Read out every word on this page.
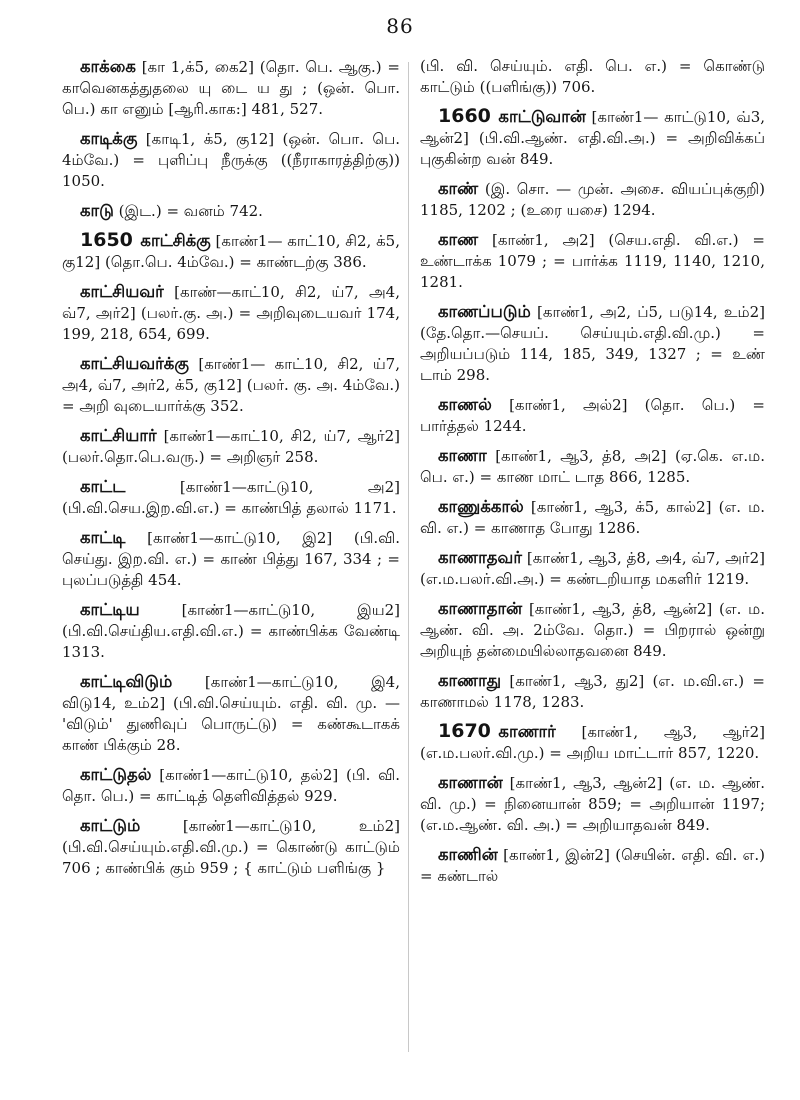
86

காக்கை [கா 1,க்5, கை2] (தொ. பெ. ஆகு.) = காவெனகத்துதலை யு டை ய து ; (ஒன். பொ. பெ.) கா எனும் [ஆரி.காக:] 481, 527.

காடிக்கு [காடி1, க்5, கு12] (ஒன். பொ. பெ. 4ம்வே.) = புளிப்பு நீருக்கு ((நீராகாரத்திற்கு)) 1050.

காடு (இட.) = வனம் 742.

1650  காட்சிக்கு [காண்1— காட்10, சி2, க்5, கு12] (தொ.பெ. 4ம்வே.) = காண்டற்கு 386.

காட்சியவர் [காண்—காட்10, சி2, ய்7, அ4, வ்7, அர்2] (பலர்.கு. அ.) = அறிவுடையவர் 174, 199, 218, 654, 699.

காட்சியவர்க்கு [காண்1— காட்10, சி2, ய்7, அ4, வ்7, அர்2, க்5, கு12] (பலர். கு. அ. 4ம்வே.) = அறி வுடையார்க்கு 352.

காட்சியார் [காண்1—காட்10, சி2, ய்7, ஆர்2] (பலர்.தொ.பெ.வரு.) = அறிஞர் 258.

காட்ட [காண்1—காட்டு10, அ2] (பி.வி.செய.இற.வி.எ.) = காண்பித் தலால் 1171.

காட்டி [காண்1—காட்டு10, இ2] (பி.வி. செய்து. இற.வி. எ.) = காண் பித்து 167, 334 ; = புலப்படுத்தி 454.

காட்டிய [காண்1—காட்டு10, இய2] (பி.வி.செய்திய.எதி.வி.எ.) = காண்பிக்க வேண்டி 1313.

காட்டிவிடும் [காண்1—காட்டு10, இ4, விடு14, உம்2] (பி.வி.செய்யும். எதி. வி. மு. — 'விடும்' துணிவுப் பொருட்டு) = கண்கூடாகக் காண் பிக்கும் 28.

காட்டுதல் [காண்1—காட்டு10, தல்2] (பி. வி. தொ. பெ.) = காட்டித் தெளிவித்தல் 929.

காட்டும் [காண்1—காட்டு10, உம்2] (பி.வி.செய்யும்.எதி.வி.மு.) = கொண்டு காட்டும் 706 ; காண்பிக் கும் 959 ; { காட்டும் பளிங்கு }

(பி. வி. செய்யும். எதி. பெ. எ.) = கொண்டு காட்டும் ((பளிங்கு)) 706.

1660  காட்டுவான் [காண்1— காட்டு10, வ்3, ஆன்2] (பி.வி.ஆண். எதி.வி.அ.) = அறிவிக்கப் புகுகின்ற வன் 849.

காண் (இ. சொ. — முன். அசை. வியப்புக்குறி) 1185, 1202 ; (உரை யசை) 1294.

காண [காண்1, அ2] (செய.எதி. வி.எ.) = உண்டாக்க 1079 ; = பார்க்க 1119, 1140, 1210, 1281.

காணப்படும் [காண்1, அ2, ப்5, படு14, உம்2] (தே.தொ.—செயப். செய்யும்.எதி.வி.மு.) = அறியப்படும் 114, 185, 349, 1327 ; = உண் டாம் 298.

காணல் [காண்1, அல்2] (தொ. பெ.) = பார்த்தல் 1244.

காணா [காண்1, ஆ3, த்8, அ2] (ஏ.கெ. எ.ம. பெ. எ.) = காண மாட் டாத 866, 1285.

காணுக்கால் [காண்1, ஆ3, க்5, கால்2] (எ. ம. வி. எ.) = காணாத போது 1286.

காணாதவர் [காண்1, ஆ3, த்8, அ4, வ்7, அர்2] (எ.ம.பலர்.வி.அ.) = கண்டறியாத மகளிர் 1219.

காணாதான் [காண்1, ஆ3, த்8, ஆன்2] (எ. ம. ஆண். வி. அ. 2ம்வே. தொ.) = பிறரால் ஒன்று அறியுந் தன்மையில்லாதவனை 849.

காணாது [காண்1, ஆ3, து2] (எ. ம.வி.எ.) = காணாமல் 1178, 1283.

1670  காணார் [காண்1, ஆ3, ஆர்2] (எ.ம.பலர்.வி.மு.) = அறிய மாட்டார் 857, 1220.

காணான் [காண்1, ஆ3, ஆன்2] (எ. ம. ஆண். வி. மு.) = நினையான் 859; = அறியான் 1197; (எ.ம.ஆண். வி. அ.) = அறியாதவன் 849.

காணின் [காண்1, இன்2] (செயின். எதி. வி. எ.) = கண்டால்
